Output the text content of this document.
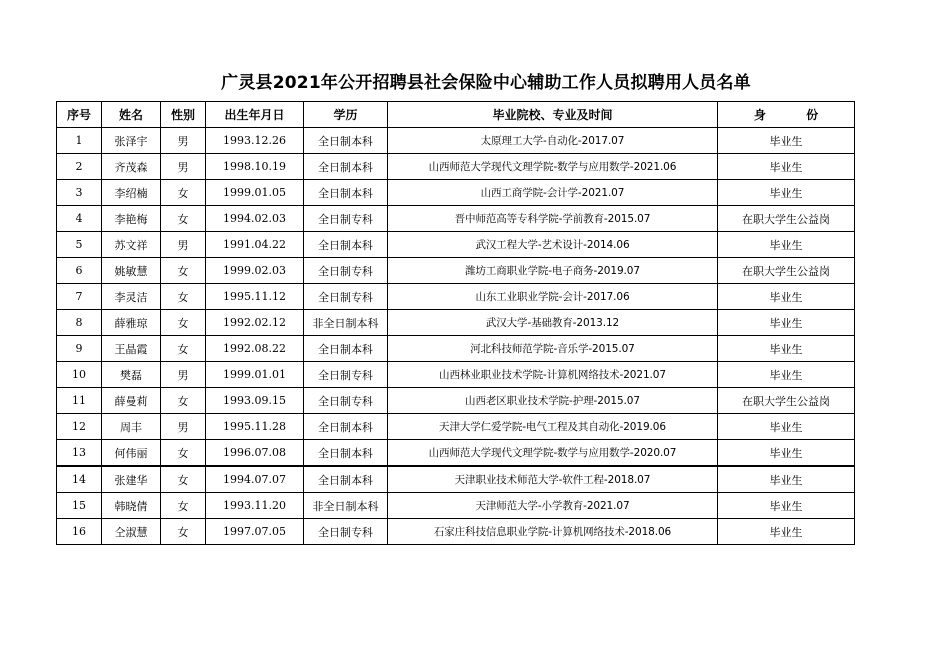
广灵县2021年公开招聘县社会保险中心辅助工作人员拟聘用人员名单
序号	姓名	性别	出生年月日	学历	毕业院校、专业及时间	身 份
1	张泽宇	男	1993.12.26	全日制本科	太原理工大学-自动化-2017.07	毕业生
2	齐茂森	男	1998.10.19	全日制本科	山西师范大学现代文理学院-数学与应用数学-2021.06	毕业生
3	李绍楠	女	1999.01.05	全日制本科	山西工商学院-会计学-2021.07	毕业生
4	李艳梅	女	1994.02.03	全日制专科	晋中师范高等专科学院-学前教育-2015.07	在职大学生公益岗
5	苏文祥	男	1991.04.22	全日制本科	武汉工程大学-艺术设计-2014.06	毕业生
6	姚敏慧	女	1999.02.03	全日制专科	潍坊工商职业学院-电子商务-2019.07	在职大学生公益岗
7	李灵洁	女	1995.11.12	全日制专科	山东工业职业学院-会计-2017.06	毕业生
8	薛雅琼	女	1992.02.12	非全日制本科	武汉大学-基础教育-2013.12	毕业生
9	王晶霞	女	1992.08.22	全日制本科	河北科技师范学院-音乐学-2015.07	毕业生
10	樊磊	男	1999.01.01	全日制专科	山西林业职业技术学院-计算机网络技术-2021.07	毕业生
11	薛曼莉	女	1993.09.15	全日制专科	山西老区职业技术学院-护理-2015.07	在职大学生公益岗
12	周丰	男	1995.11.28	全日制本科	天津大学仁爱学院-电气工程及其自动化-2019.06	毕业生
13	何伟丽	女	1996.07.08	全日制本科	山西师范大学现代文理学院-数学与应用数学-2020.07	毕业生
14	张建华	女	1994.07.07	全日制本科	天津职业技术师范大学-软件工程-2018.07	毕业生
15	韩晓倩	女	1993.11.20	非全日制本科	天津师范大学-小学教育-2021.07	毕业生
16	仝淑慧	女	1997.07.05	全日制专科	石家庄科技信息职业学院-计算机网络技术-2018.06	毕业生
